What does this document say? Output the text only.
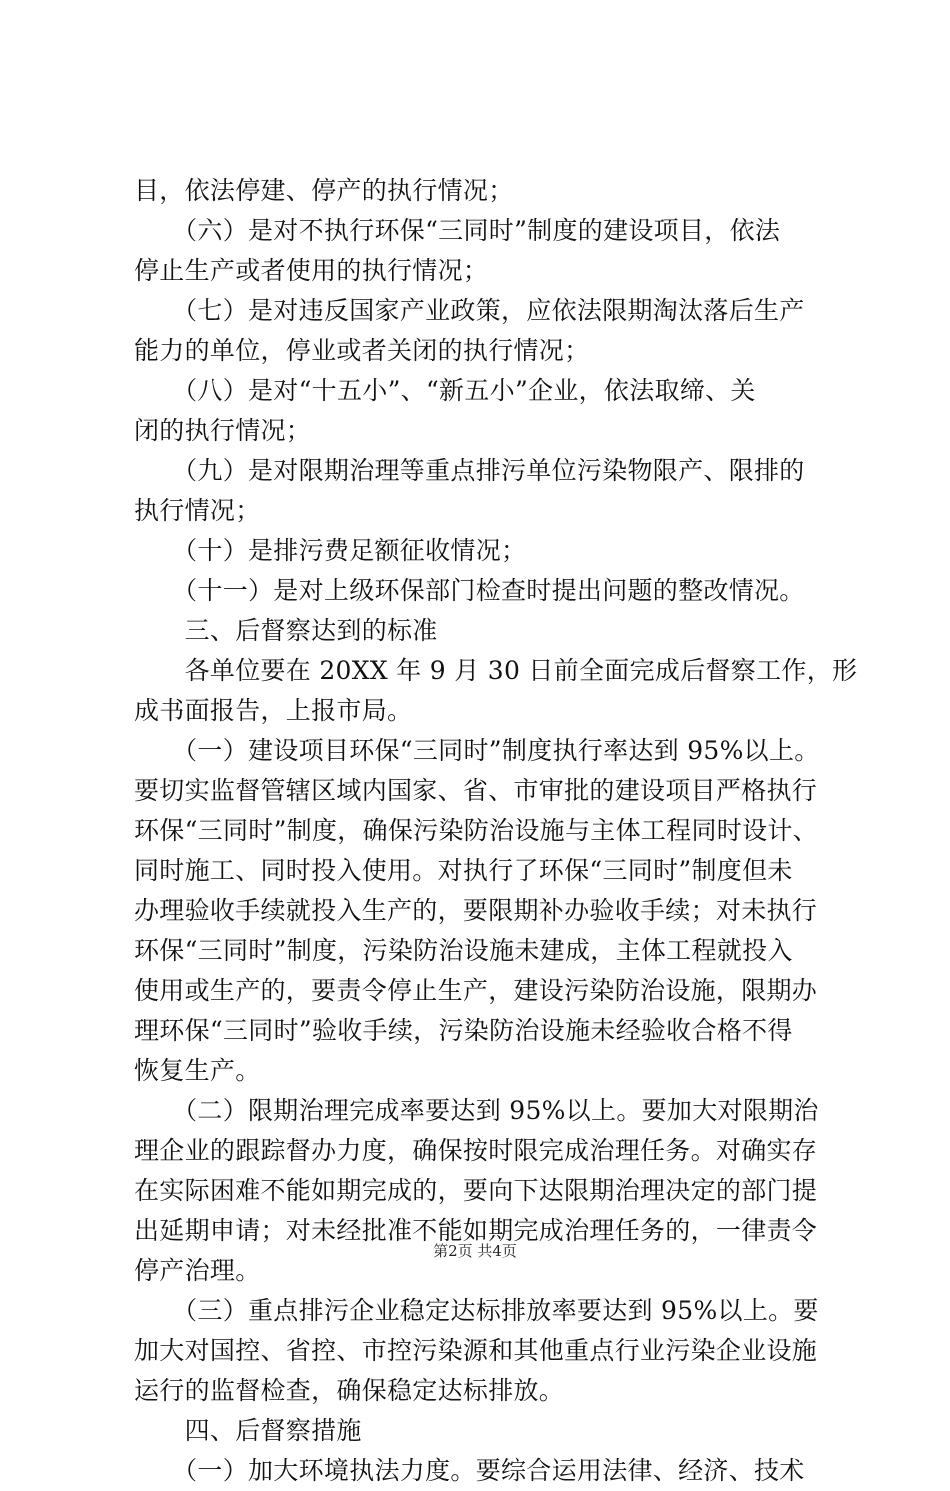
目，依法停建、停产的执行情况；
　　（六）是对不执行环保“三同时”制度的建设项目，依法
停止生产或者使用的执行情况；
　　（七）是对违反国家产业政策，应依法限期淘汰落后生产
能力的单位，停业或者关闭的执行情况；
　　（八）是对“十五小”、“新五小”企业，依法取缔、关
闭的执行情况；
　　（九）是对限期治理等重点排污单位污染物限产、限排的
执行情况；
　　（十）是排污费足额征收情况；
　　（十一）是对上级环保部门检查时提出问题的整改情况。
　　三、后督察达到的标准
　　各单位要在 20XX 年 9 月 30 日前全面完成后督察工作，形
成书面报告，上报市局。
　　（一）建设项目环保“三同时”制度执行率达到 95%以上。
要切实监督管辖区域内国家、省、市审批的建设项目严格执行
环保“三同时”制度，确保污染防治设施与主体工程同时设计、
同时施工、同时投入使用。对执行了环保“三同时”制度但未
办理验收手续就投入生产的，要限期补办验收手续；对未执行
环保“三同时”制度，污染防治设施未建成，主体工程就投入
使用或生产的，要责令停止生产，建设污染防治设施，限期办
理环保“三同时”验收手续，污染防治设施未经验收合格不得
恢复生产。
　　（二）限期治理完成率要达到 95%以上。要加大对限期治
理企业的跟踪督办力度，确保按时限完成治理任务。对确实存
在实际困难不能如期完成的，要向下达限期治理决定的部门提
出延期申请；对未经批准不能如期完成治理任务的，一律责令
停产治理。
　　（三）重点排污企业稳定达标排放率要达到 95%以上。要
加大对国控、省控、市控污染源和其他重点行业污染企业设施
运行的监督检查，确保稳定达标排放。
　　四、后督察措施
　　（一）加大环境执法力度。要综合运用法律、经济、技术
第2页 共4页
